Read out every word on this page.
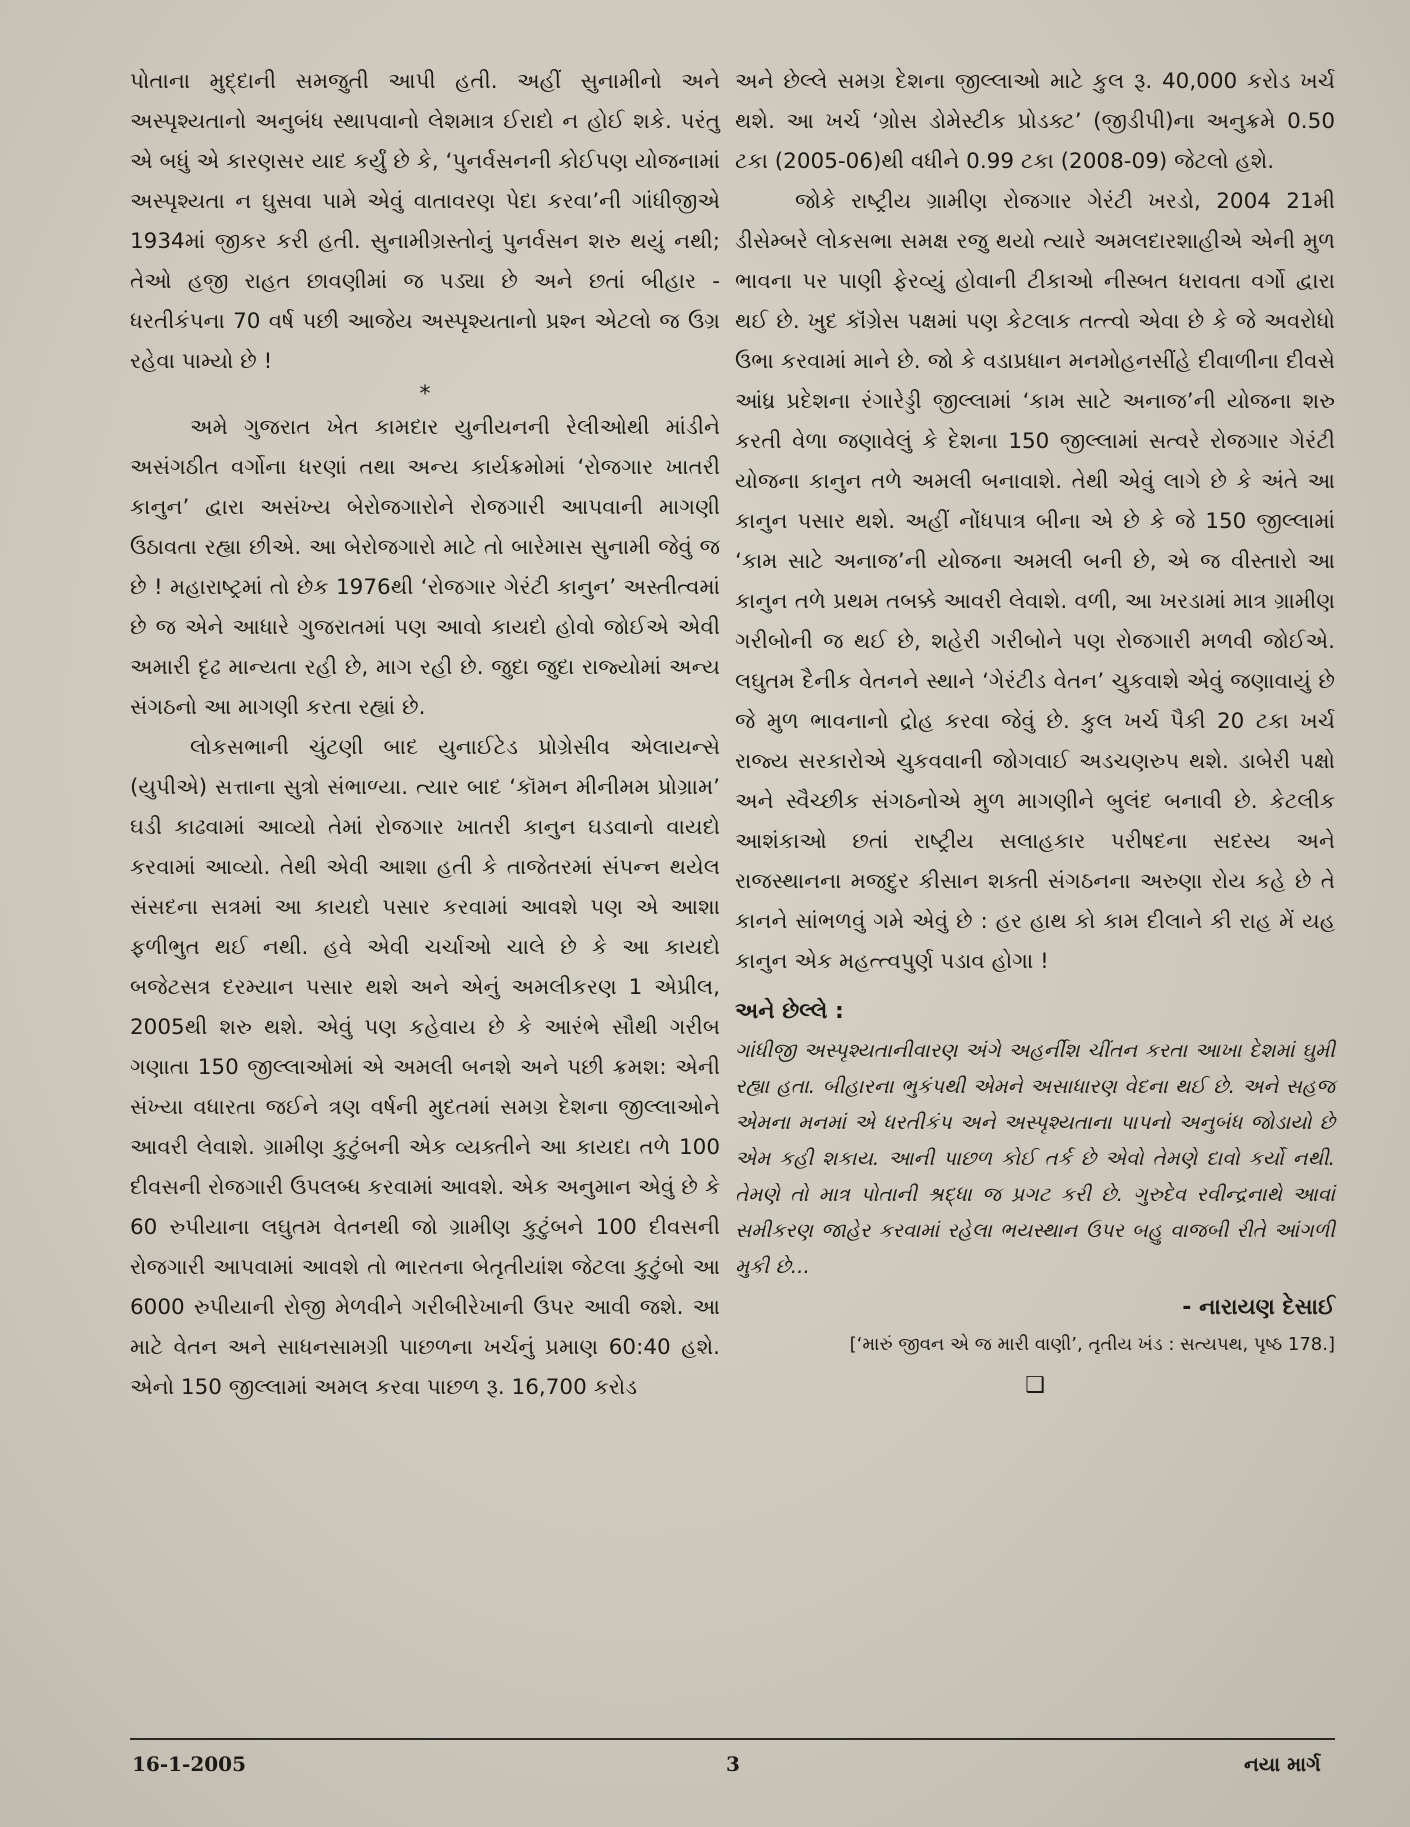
પોતાના મુદ્દાની સમજુતી આપી હતી. અહીં સુનામીનો અને અસ્પૃશ્યતાનો અનુબંધ સ્થાપવાનો લેશમાત્ર ઈરાદો ન હોઈ શકે. પરંતુ એ બધું એ કારણસર યાદ કર્યું છે કે, ‘પુનર્વસનની કોઈપણ યોજનામાં અસ્પૃશ્યતા ન ઘુસવા પામે એવું વાતાવરણ પેદા કરવા’ની ગાંધીજીએ 1934માં જીકર કરી હતી. સુનામીગ્રસ્તોનું પુનર્વસન શરુ થયું નથી; તેઓ હજી રાહત છાવણીમાં જ પડ્યા છે અને છતાં બીહાર - ધરતીકંપના 70 વર્ષ પછી આજેય અસ્પૃશ્યતાનો પ્રશ્ન એટલો જ ઉગ્ર રહેવા પામ્યો છે !

*

અમે ગુજરાત ખેત કામદાર યુનીયનની રેલીઓથી માંડીને અસંગઠીત વર્ગોના ધરણાં તથા અન્ય કાર્યક્રમોમાં ‘રોજગાર ખાતરી કાનુન’ દ્વારા અસંખ્ય બેરોજગારોને રોજગારી આપવાની માગણી ઉઠાવતા રહ્યા છીએ. આ બેરોજગારો માટે તો બારેમાસ સુનામી જેવું જ છે ! મહારાષ્ટ્રમાં તો છેક 1976થી ‘રોજગાર ગેરંટી કાનુન’ અસ્તીત્વમાં છે જ એને આધારે ગુજરાતમાં પણ આવો કાયદો હોવો જોઈએ એવી અમારી દૃઢ માન્યતા રહી છે, માગ રહી છે. જુદા જુદા રાજ્યોમાં અન્ય સંગઠનો આ માગણી કરતા રહ્યાં છે.

લોકસભાની ચુંટણી બાદ યુનાઈટેડ પ્રોગ્રેસીવ એલાયન્સે (યુપીએ) સત્તાના સુત્રો સંભાળ્યા. ત્યાર બાદ ‘કૉમન મીનીમમ પ્રોગ્રામ’ ઘડી કાઢવામાં આવ્યો તેમાં રોજગાર ખાતરી કાનુન ઘડવાનો વાયદો કરવામાં આવ્યો. તેથી એવી આશા હતી કે તાજેતરમાં સંપન્ન થયેલ સંસદના સત્રમાં આ કાયદો પસાર કરવામાં આવશે પણ એ આશા ફળીભુત થઈ નથી. હવે એવી ચર્ચાઓ ચાલે છે કે આ કાયદો બજેટસત્ર દરમ્યાન પસાર થશે અને એનું અમલીકરણ 1 એપ્રીલ, 2005થી શરુ થશે. એવું પણ કહેવાય છે કે આરંભે સૌથી ગરીબ ગણાતા 150 જીલ્લાઓમાં એ અમલી બનશે અને પછી ક્રમશ: એની સંખ્યા વધારતા જઈને ત્રણ વર્ષની મુદતમાં સમગ્ર દેશના જીલ્લાઓને આવરી લેવાશે. ગ્રામીણ કુટુંબની એક વ્યક્તીને આ કાયદા તળે 100 દીવસની રોજગારી ઉપલબ્ધ કરવામાં આવશે. એક અનુમાન એવું છે કે 60 રુપીયાના લઘુતમ વેતનથી જો ગ્રામીણ કુટુંબને 100 દીવસની રોજગારી આપવામાં આવશે તો ભારતના બેતૃતીયાંશ જેટલા કુટુંબો આ 6000 રુપીયાની રોજી મેળવીને ગરીબીરેખાની ઉપર આવી જશે. આ માટે વેતન અને સાધનસામગ્રી પાછળના ખર્ચનું પ્રમાણ 60:40 હશે. એનો 150 જીલ્લામાં અમલ કરવા પાછળ રૂ. 16,700 કરોડ

અને છેલ્લે સમગ્ર દેશના જીલ્લાઓ માટે કુલ રૂ. 40,000 કરોડ ખર્ચ થશે. આ ખર્ચ ‘ગ્રોસ ડોમેસ્ટીક પ્રોડક્ટ’ (જીડીપી)ના અનુક્રમે 0.50 ટકા (2005-06)થી વધીને 0.99 ટકા (2008-09) જેટલો હશે.

જોકે રાષ્ટ્રીય ગ્રામીણ રોજગાર ગેરંટી ખરડો, 2004 21મી ડીસેમ્બરે લોકસભા સમક્ષ રજુ થયો ત્યારે અમલદારશાહીએ એની મુળ ભાવના પર પાણી ફેરવ્યું હોવાની ટીકાઓ નીસ્બત ધરાવતા વર્ગો દ્વારા થઈ છે. ખુદ કૉંગ્રેસ પક્ષમાં પણ કેટલાક તત્ત્વો એવા છે કે જે અવરોધો ઉભા કરવામાં માને છે. જો કે વડાપ્રધાન મનમોહનસીંહે દીવાળીના દીવસે આંધ્ર પ્રદેશના રંગારેડ્ડી જીલ્લામાં ‘કામ સાટે અનાજ’ની યોજના શરુ કરતી વેળા જણાવેલું કે દેશના 150 જીલ્લામાં સત્વરે રોજગાર ગેરંટી યોજના કાનુન તળે અમલી બનાવાશે. તેથી એવું લાગે છે કે અંતે આ કાનુન પસાર થશે. અહીં નોંધપાત્ર બીના એ છે કે જે 150 જીલ્લામાં ‘કામ સાટે અનાજ’ની યોજના અમલી બની છે, એ જ વીસ્તારો આ કાનુન તળે પ્રથમ તબક્કે આવરી લેવાશે. વળી, આ ખરડામાં માત્ર ગ્રામીણ ગરીબોની જ થઈ છે, શહેરી ગરીબોને પણ રોજગારી મળવી જોઈએ. લઘુતમ દૈનીક વેતનને સ્થાને ‘ગેરંટીડ વેતન’ ચુકવાશે એવું જણાવાયું છે જે મુળ ભાવનાનો દ્રોહ કરવા જેવું છે. કુલ ખર્ચ પૈકી 20 ટકા ખર્ચ રાજ્ય સરકારોએ ચુકવવાની જોગવાઈ અડચણરુપ થશે. ડાબેરી પક્ષો અને સ્વૈચ્છીક સંગઠનોએ મુળ માગણીને બુલંદ બનાવી છે. કેટલીક આશંકાઓ છતાં રાષ્ટ્રીય સલાહકાર પરીષદના સદસ્ય અને રાજસ્થાનના મજદુર કીસાન શક્તી સંગઠનના અરુણા રોય કહે છે તે કાનને સાંભળવું ગમે એવું છે : હર હાથ કો કામ દીલાને કી રાહ મેં યહ કાનુન એક મહત્ત્વપુર્ણ પડાવ હોગા !

અને છેલ્લે :

ગાંધીજી અસ્પૃશ્યતાનીવારણ અંગે અહર્નીશ ચીંતન કરતા આખા દેશમાં ઘુમી રહ્યા હતા. બીહારના ભુકંપથી એમને અસાધારણ વેદના થઈ છે. અને સહજ એમના મનમાં એ ધરતીકંપ અને અસ્પૃશ્યતાના પાપનો અનુબંધ જોડાયો છે એમ કહી શકાય. આની પાછળ કોઈ તર્ક છે એવો તેમણે દાવો કર્યો નથી. તેમણે તો માત્ર પોતાની શ્રદ્ધા જ પ્રગટ કરી છે. ગુરુદેવ રવીન્દ્રનાથે આવાં સમીકરણ જાહેર કરવામાં રહેલા ભયસ્થાન ઉપર બહુ વાજબી રીતે આંગળી મુકી છે...

- નારાયણ દેસાઈ

[‘મારું જીવન એ જ મારી વાણી’, તૃતીય ખંડ : સત્યપથ, પૃષ્ઠ 178.]

❑

16-1-2005	3	નયા માર્ગ
